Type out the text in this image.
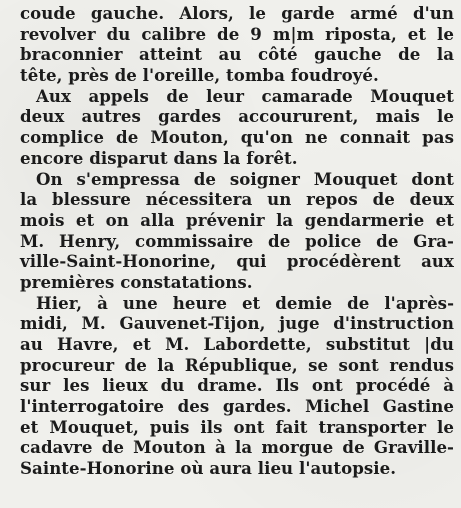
coude gauche. Alors, le garde armé d'un
revolver du calibre de 9 m|m riposta, et le
braconnier atteint au côté gauche de la
tête, près de l'oreille, tomba foudroyé.
Aux appels de leur camarade Mouquet
deux autres gardes accoururent, mais le
complice de Mouton, qu'on ne connait pas
encore disparut dans la forêt.
On s'empressa de soigner Mouquet dont
la blessure nécessitera un repos de deux
mois et on alla prévenir la gendarmerie et
M. Henry, commissaire de police de Gra-
ville-Saint-Honorine, qui procédèrent aux
premières constatations.
Hier, à une heure et demie de l'après-
midi, M. Gauvenet-Tijon, juge d'instruction
au Havre, et M. Labordette, substitut |du
procureur de la République, se sont rendus
sur les lieux du drame. Ils ont procédé à
l'interrogatoire des gardes. Michel Gastine
et Mouquet, puis ils ont fait transporter le
cadavre de Mouton à la morgue de Graville-
Sainte-Honorine où aura lieu l'autopsie.
